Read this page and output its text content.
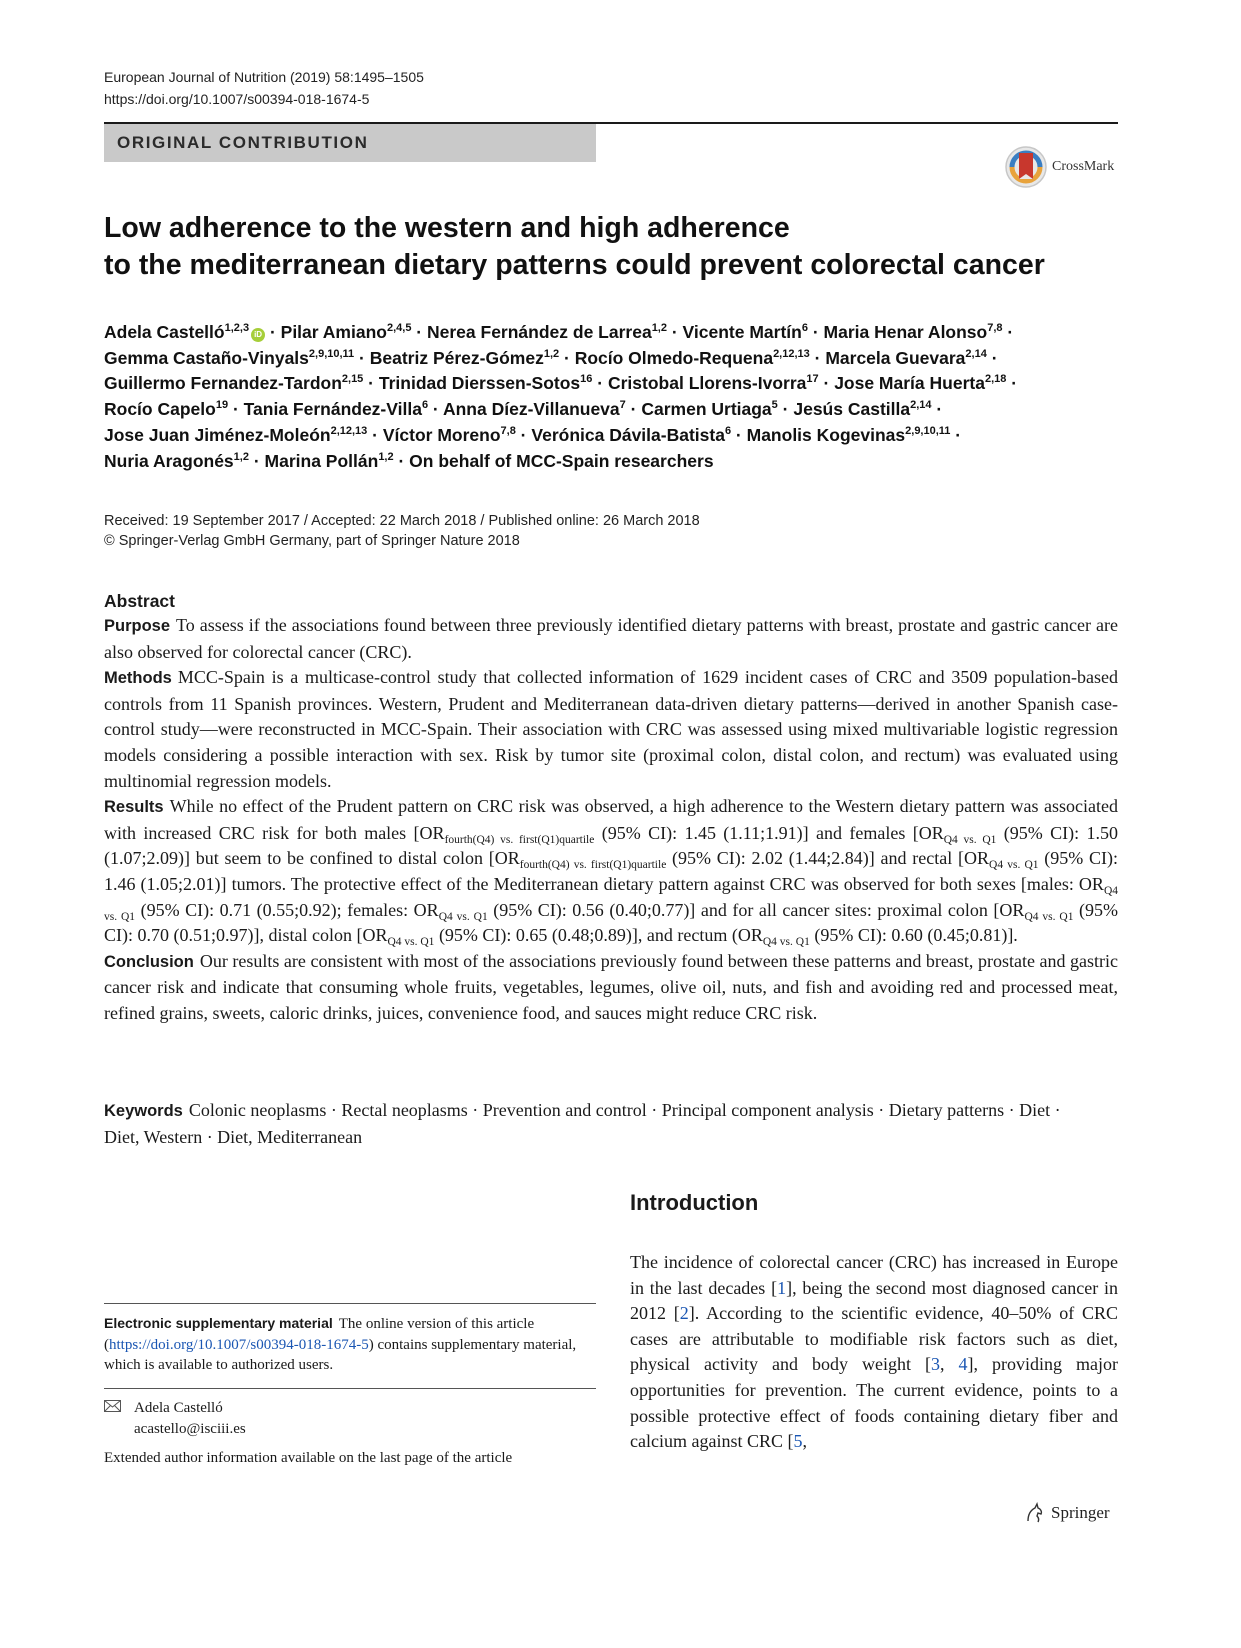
European Journal of Nutrition (2019) 58:1495–1505
https://doi.org/10.1007/s00394-018-1674-5
ORIGINAL CONTRIBUTION
CrossMark
Low adherence to the western and high adherence
to the mediterranean dietary patterns could prevent colorectal cancer
Adela Castelló$^{1,2,3}$iD · Pilar Amiano$^{2,4,5}$ · Nerea Fernández de Larrea$^{1,2}$ · Vicente Martín$^6$ · Maria Henar Alonso$^{7,8}$ ·
Gemma Castaño-Vinyals$^{2,9,10,11}$ · Beatriz Pérez-Gómez$^{1,2}$ · Rocío Olmedo-Requena$^{2,12,13}$ · Marcela Guevara$^{2,14}$ ·
Guillermo Fernandez-Tardon$^{2,15}$ · Trinidad Dierssen-Sotos$^{16}$ · Cristobal Llorens-Ivorra$^{17}$ · Jose María Huerta$^{2,18}$ ·
Rocío Capelo$^{19}$ · Tania Fernández-Villa$^6$ · Anna Díez-Villanueva$^7$ · Carmen Urtiaga$^5$ · Jesús Castilla$^{2,14}$ ·
Jose Juan Jiménez-Moleón$^{2,12,13}$ · Víctor Moreno$^{7,8}$ · Verónica Dávila-Batista$^6$ · Manolis Kogevinas$^{2,9,10,11}$ ·
Nuria Aragonés$^{1,2}$ · Marina Pollán$^{1,2}$ · On behalf of MCC-Spain researchers
Received: 19 September 2017 / Accepted: 22 March 2018 / Published online: 26 March 2018
© Springer-Verlag GmbH Germany, part of Springer Nature 2018
Abstract

Purpose To assess if the associations found between three previously identified dietary patterns with breast, prostate and gastric cancer are also observed for colorectal cancer (CRC).

Methods MCC-Spain is a multicase-control study that collected information of 1629 incident cases of CRC and 3509 population-based controls from 11 Spanish provinces. Western, Prudent and Mediterranean data-driven dietary patterns—derived in another Spanish case-control study—were reconstructed in MCC-Spain. Their association with CRC was assessed using mixed multivariable logistic regression models considering a possible interaction with sex. Risk by tumor site (proximal colon, distal colon, and rectum) was evaluated using multinomial regression models.

Results While no effect of the Prudent pattern on CRC risk was observed, a high adherence to the Western dietary pattern was associated with increased CRC risk for both males [$OR_{fourth(Q4) vs. first(Q1)quartile}$ (95% CI): 1.45 (1.11;1.91)] and females [$OR_{Q4 vs. Q1}$ (95% CI): 1.50 (1.07;2.09)] but seem to be confined to distal colon [$OR_{fourth(Q4) vs. first(Q1)quartile}$ (95% CI): 2.02 (1.44;2.84)] and rectal [$OR_{Q4 vs. Q1}$ (95% CI): 1.46 (1.05;2.01)] tumors. The protective effect of the Mediterranean dietary pattern against CRC was observed for both sexes [males: $OR_{Q4 vs. Q1}$ (95% CI): 0.71 (0.55;0.92); females: $OR_{Q4 vs. Q1}$ (95% CI): 0.56 (0.40;0.77)] and for all cancer sites: proximal colon [$OR_{Q4 vs. Q1}$ (95% CI): 0.70 (0.51;0.97)], distal colon [$OR_{Q4 vs. Q1}$ (95% CI): 0.65 (0.48;0.89)], and rectum ($OR_{Q4 vs. Q1}$ (95% CI): 0.60 (0.45;0.81)].

Conclusion Our results are consistent with most of the associations previously found between these patterns and breast, prostate and gastric cancer risk and indicate that consuming whole fruits, vegetables, legumes, olive oil, nuts, and fish and avoiding red and processed meat, refined grains, sweets, caloric drinks, juices, convenience food, and sauces might reduce CRC risk.

Keywords Colonic neoplasms · Rectal neoplasms · Prevention and control · Principal component analysis · Dietary patterns · Diet · Diet, Western · Diet, Mediterranean
Introduction
The incidence of colorectal cancer (CRC) has increased in Europe in the last decades [1], being the second most diagnosed cancer in 2012 [2]. According to the scientific evidence, 40–50% of CRC cases are attributable to modifiable risk factors such as diet, physical activity and body weight [3, 4], providing major opportunities for prevention. The current evidence, points to a possible protective effect of foods containing dietary fiber and calcium against CRC [5,
Electronic supplementary material The online version of this article (https://doi.org/10.1007/s00394-018-1674-5) contains supplementary material, which is available to authorized users.
Adela Castelló
acastello@isciii.es
Extended author information available on the last page of the article
Springer
